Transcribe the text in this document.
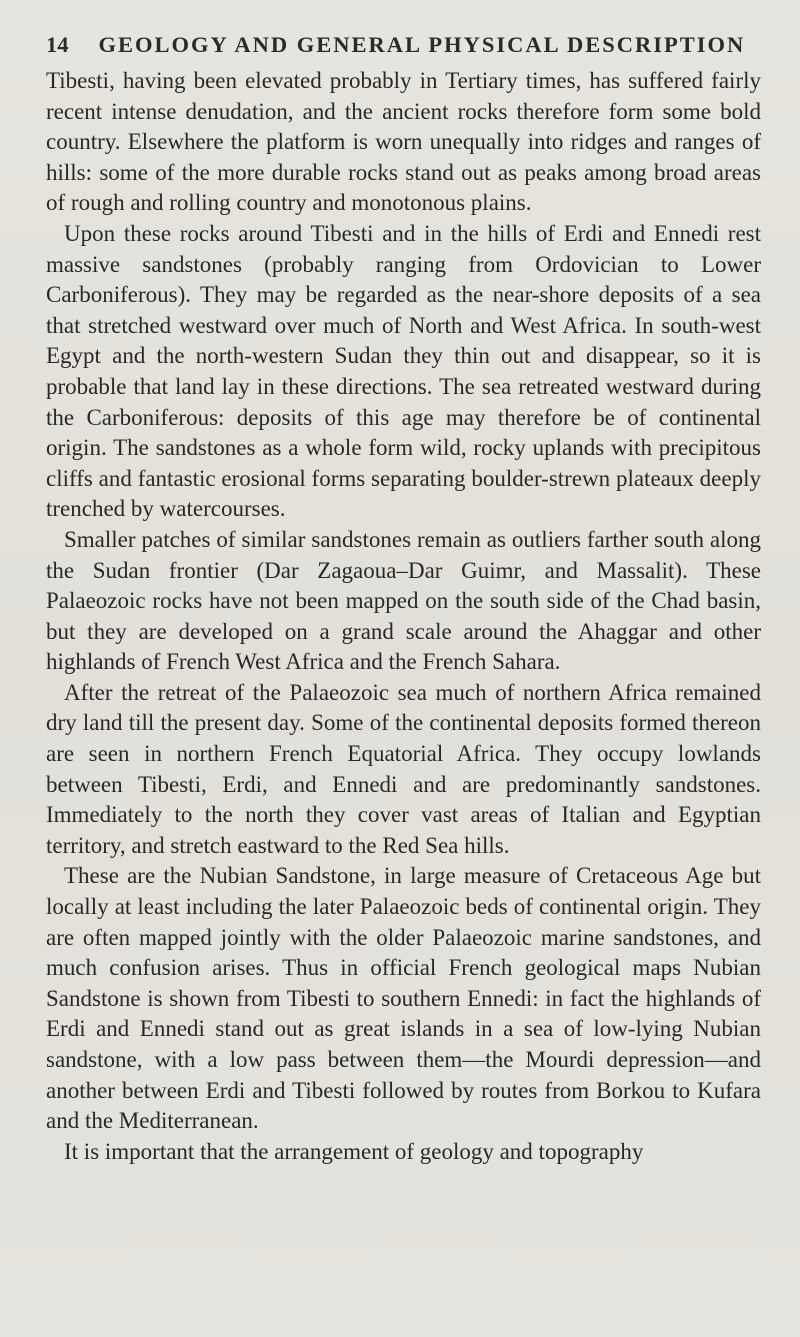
14 GEOLOGY AND GENERAL PHYSICAL DESCRIPTION

Tibesti, having been elevated probably in Tertiary times, has suffered fairly recent intense denudation, and the ancient rocks therefore form some bold country. Elsewhere the platform is worn unequally into ridges and ranges of hills: some of the more durable rocks stand out as peaks among broad areas of rough and rolling country and monotonous plains.

Upon these rocks around Tibesti and in the hills of Erdi and Ennedi rest massive sandstones (probably ranging from Ordovician to Lower Carboniferous). They may be regarded as the near-shore deposits of a sea that stretched westward over much of North and West Africa. In south-west Egypt and the north-western Sudan they thin out and disappear, so it is probable that land lay in these directions. The sea retreated westward during the Carboniferous: deposits of this age may therefore be of continental origin. The sandstones as a whole form wild, rocky uplands with precipitous cliffs and fantastic erosional forms separating boulder-strewn plateaux deeply trenched by watercourses.

Smaller patches of similar sandstones remain as outliers farther south along the Sudan frontier (Dar Zagaoua–Dar Guimr, and Massalit). These Palaeozoic rocks have not been mapped on the south side of the Chad basin, but they are developed on a grand scale around the Ahaggar and other highlands of French West Africa and the French Sahara.

After the retreat of the Palaeozoic sea much of northern Africa remained dry land till the present day. Some of the continental deposits formed thereon are seen in northern French Equatorial Africa. They occupy lowlands between Tibesti, Erdi, and Ennedi and are predominantly sandstones. Immediately to the north they cover vast areas of Italian and Egyptian territory, and stretch eastward to the Red Sea hills.

These are the Nubian Sandstone, in large measure of Cretaceous Age but locally at least including the later Palaeozoic beds of continental origin. They are often mapped jointly with the older Palaeozoic marine sandstones, and much confusion arises. Thus in official French geological maps Nubian Sandstone is shown from Tibesti to southern Ennedi: in fact the highlands of Erdi and Ennedi stand out as great islands in a sea of low-lying Nubian sandstone, with a low pass between them—the Mourdi depression—and another between Erdi and Tibesti followed by routes from Borkou to Kufara and the Mediterranean.

It is important that the arrangement of geology and topography
